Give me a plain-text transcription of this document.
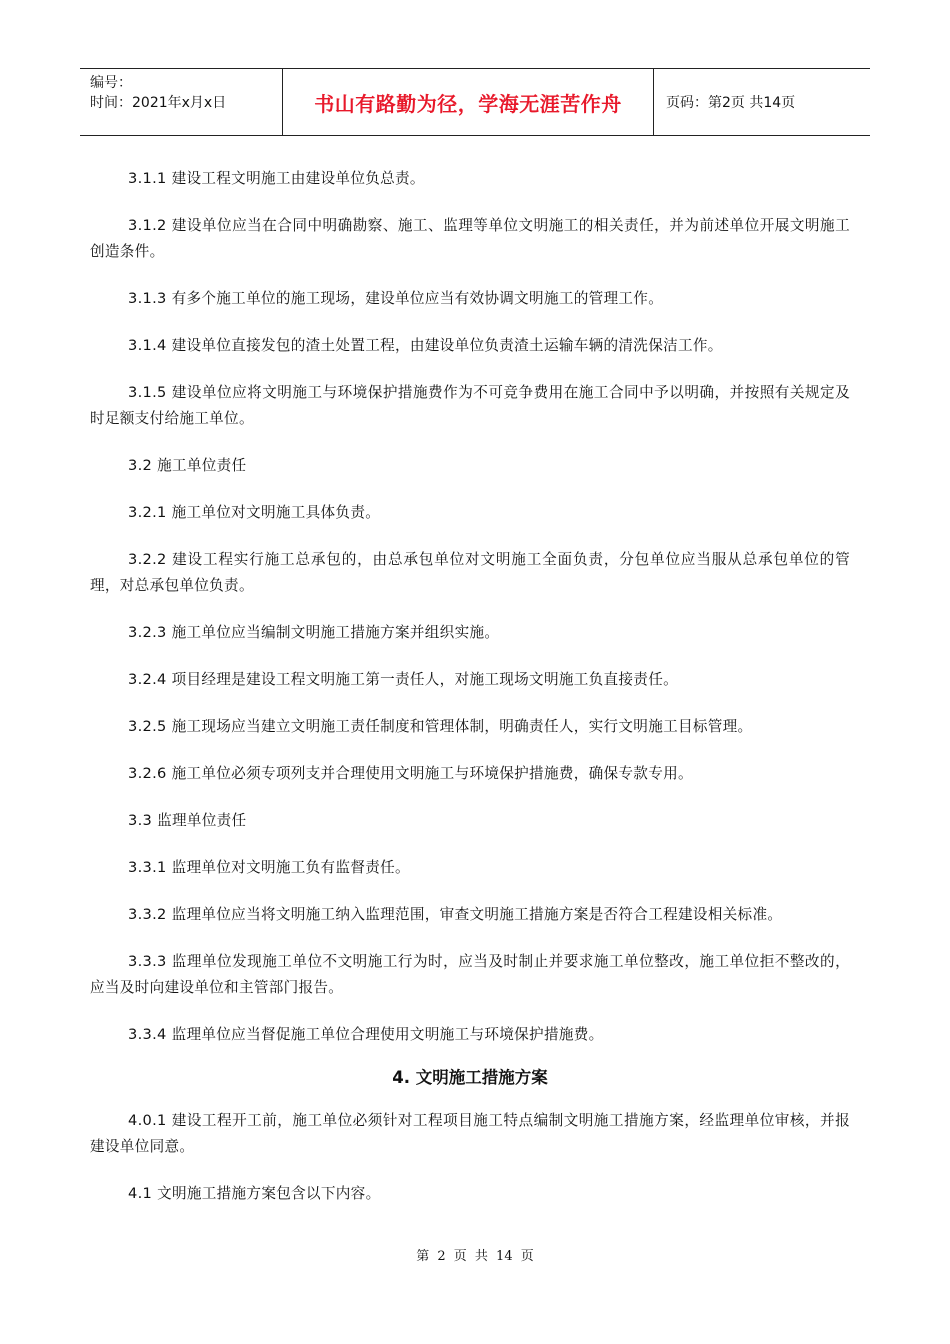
编号：
时间：2021年x月x日	书山有路勤为径，学海无涯苦作舟	页码：第2页 共14页
3.1.1 建设工程文明施工由建设单位负总责。
3.1.2 建设单位应当在合同中明确勘察、施工、监理等单位文明施工的相关责任，并为前述单位开展文明施工创造条件。
3.1.3 有多个施工单位的施工现场，建设单位应当有效协调文明施工的管理工作。
3.1.4 建设单位直接发包的渣土处置工程，由建设单位负责渣土运输车辆的清洗保洁工作。
3.1.5 建设单位应将文明施工与环境保护措施费作为不可竞争费用在施工合同中予以明确，并按照有关规定及时足额支付给施工单位。
3.2 施工单位责任
3.2.1 施工单位对文明施工具体负责。
3.2.2 建设工程实行施工总承包的，由总承包单位对文明施工全面负责，分包单位应当服从总承包单位的管理，对总承包单位负责。
3.2.3 施工单位应当编制文明施工措施方案并组织实施。
3.2.4 项目经理是建设工程文明施工第一责任人，对施工现场文明施工负直接责任。
3.2.5 施工现场应当建立文明施工责任制度和管理体制，明确责任人，实行文明施工目标管理。
3.2.6 施工单位必须专项列支并合理使用文明施工与环境保护措施费，确保专款专用。
3.3 监理单位责任
3.3.1 监理单位对文明施工负有监督责任。
3.3.2 监理单位应当将文明施工纳入监理范围，审查文明施工措施方案是否符合工程建设相关标准。
3.3.3 监理单位发现施工单位不文明施工行为时，应当及时制止并要求施工单位整改，施工单位拒不整改的，应当及时向建设单位和主管部门报告。
3.3.4 监理单位应当督促施工单位合理使用文明施工与环境保护措施费。
4. 文明施工措施方案
4.0.1 建设工程开工前，施工单位必须针对工程项目施工特点编制文明施工措施方案，经监理单位审核，并报建设单位同意。
4.1 文明施工措施方案包含以下内容。
第 2 页 共 14 页
